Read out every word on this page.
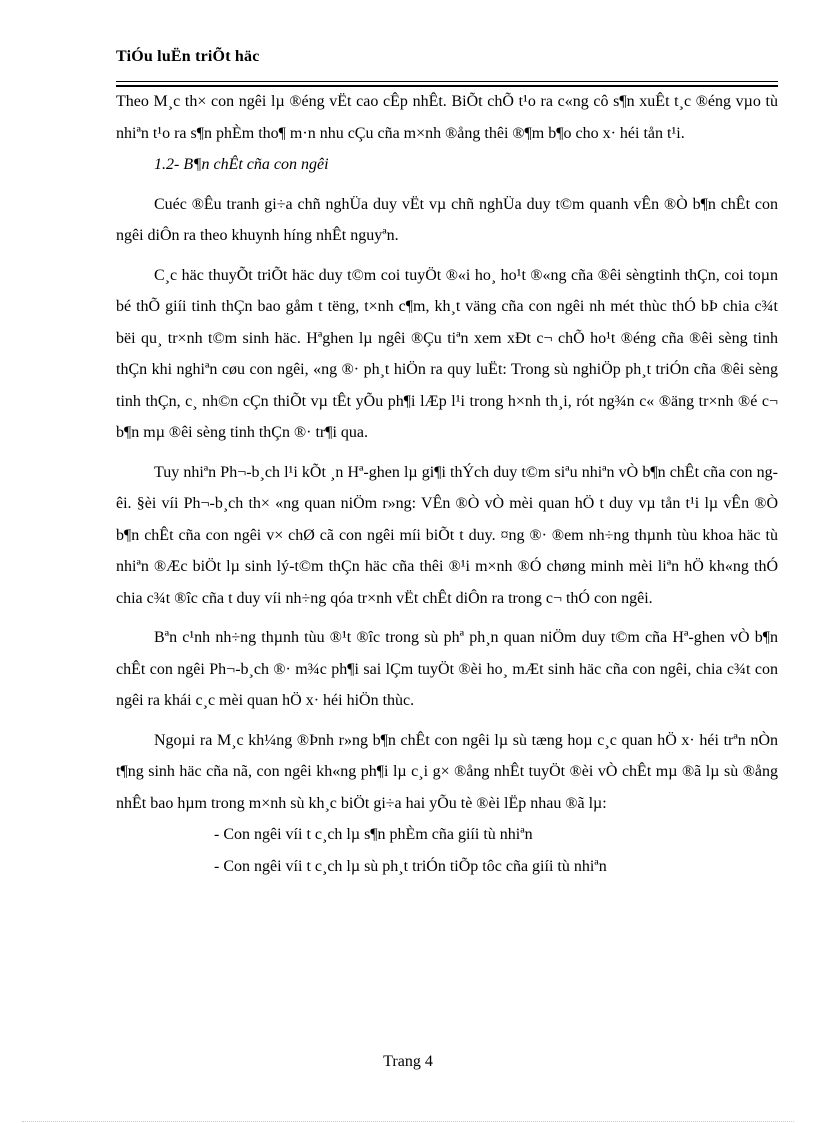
TiÓu luËn triÕt häc

Theo M¸c th× con ngêi lµ ®éng vËt cao cÊp nhÊt. BiÕt chÕ t¹o ra c«ng cô s¶n xuÊt t¸c ®éng vµo tù nhiªn t¹o ra s¶n phÈm tho¶ m·n nhu cÇu cña m×nh ®ång thêi ®¶m b¶o cho x· héi tån t¹i.

1.2- B¶n chÊt cña con ngêi

Cuéc ®Êu tranh gi÷a chñ nghÜa duy vËt vµ chñ nghÜa duy t©m quanh vÊn ®Ò b¶n chÊt con ngêi diÔn ra theo khuynh híng nhÊt nguyªn.

C¸c häc thuyÕt triÕt häc duy t©m coi tuyÖt ®«i ho¸ ho¹t ®«ng cña ®êi sèngtinh thÇn, coi toµn bé thÕ giíi tinh thÇn bao gåm t tëng, t×nh c¶m, kh¸t väng cña con ngêi nh mét thùc thÓ bÞ chia c¾t bëi qu¸ tr×nh t©m sinh häc. Hªghen lµ ngêi ®Çu tiªn xem xÐt c¬ chÕ ho¹t ®éng cña ®êi sèng tinh thÇn khi nghiªn cøu con ngêi, «ng ®· ph¸t hiÖn ra quy luËt: Trong sù nghiÖp ph¸t triÓn cña ®êi sèng tinh thÇn, c¸ nh©n cÇn thiÕt vµ tÊt yÕu ph¶i lÆp l¹i trong h×nh th¸i, rót ng¾n c« ®äng tr×nh ®é c¬ b¶n mµ ®êi sèng tinh thÇn ®· tr¶i qua.

Tuy nhiªn Ph¬-b¸ch l¹i kÕt ¸n Hª-ghen lµ gi¶i thÝch duy t©m siªu nhiªn vÒ b¶n chÊt cña con ngêi. §èi víi Ph¬-b¸ch th× «ng quan niÖm r»ng: VÊn ®Ò vÒ mèi quan hÖ t duy vµ tån t¹i lµ vÊn ®Ò b¶n chÊt cña con ngêi v× chØ cã con ngêi míi biÕt t duy. ¤ng ®· ®em nh÷ng thµnh tùu khoa häc tù nhiªn ®Æc biÖt lµ sinh lý-t©m thÇn häc cña thêi ®¹i m×nh ®Ó chøng minh mèi liªn hÖ kh«ng thÓ chia c¾t ®îc cña t duy víi nh÷ng qóa tr×nh vËt chÊt diÔn ra trong c¬ thÓ con ngêi.

Bªn c¹nh nh÷ng thµnh tùu ®¹t ®îc trong sù phª ph¸n quan niÖm duy t©m cña Hª-ghen vÒ b¶n chÊt con ngêi Ph¬-b¸ch ®· m¾c ph¶i sai lÇm tuyÖt ®èi ho¸ mÆt sinh häc cña con ngêi, chia c¾t con ngêi ra khái c¸c mèi quan hÖ x· héi hiÖn thùc.

Ngoµi ra M¸c kh¼ng ®Þnh r»ng b¶n chÊt con ngêi lµ sù tæng hoµ c¸c quan hÖ x· héi trªn nÒn t¶ng sinh häc cña nã, con ngêi kh«ng ph¶i lµ c¸i g× ®ång nhÊt tuyÖt ®èi vÒ chÊt mµ ®ã lµ sù ®ång nhÊt bao hµm trong m×nh sù kh¸c biÖt gi÷a hai yÕu tè ®èi lËp nhau ®ã lµ:

- Con ngêi víi t c¸ch lµ s¶n phÈm cña giíi tù nhiªn

- Con ngêi víi t c¸ch lµ sù ph¸t triÓn tiÕp tôc cña giíi tù nhiªn

Trang 4
